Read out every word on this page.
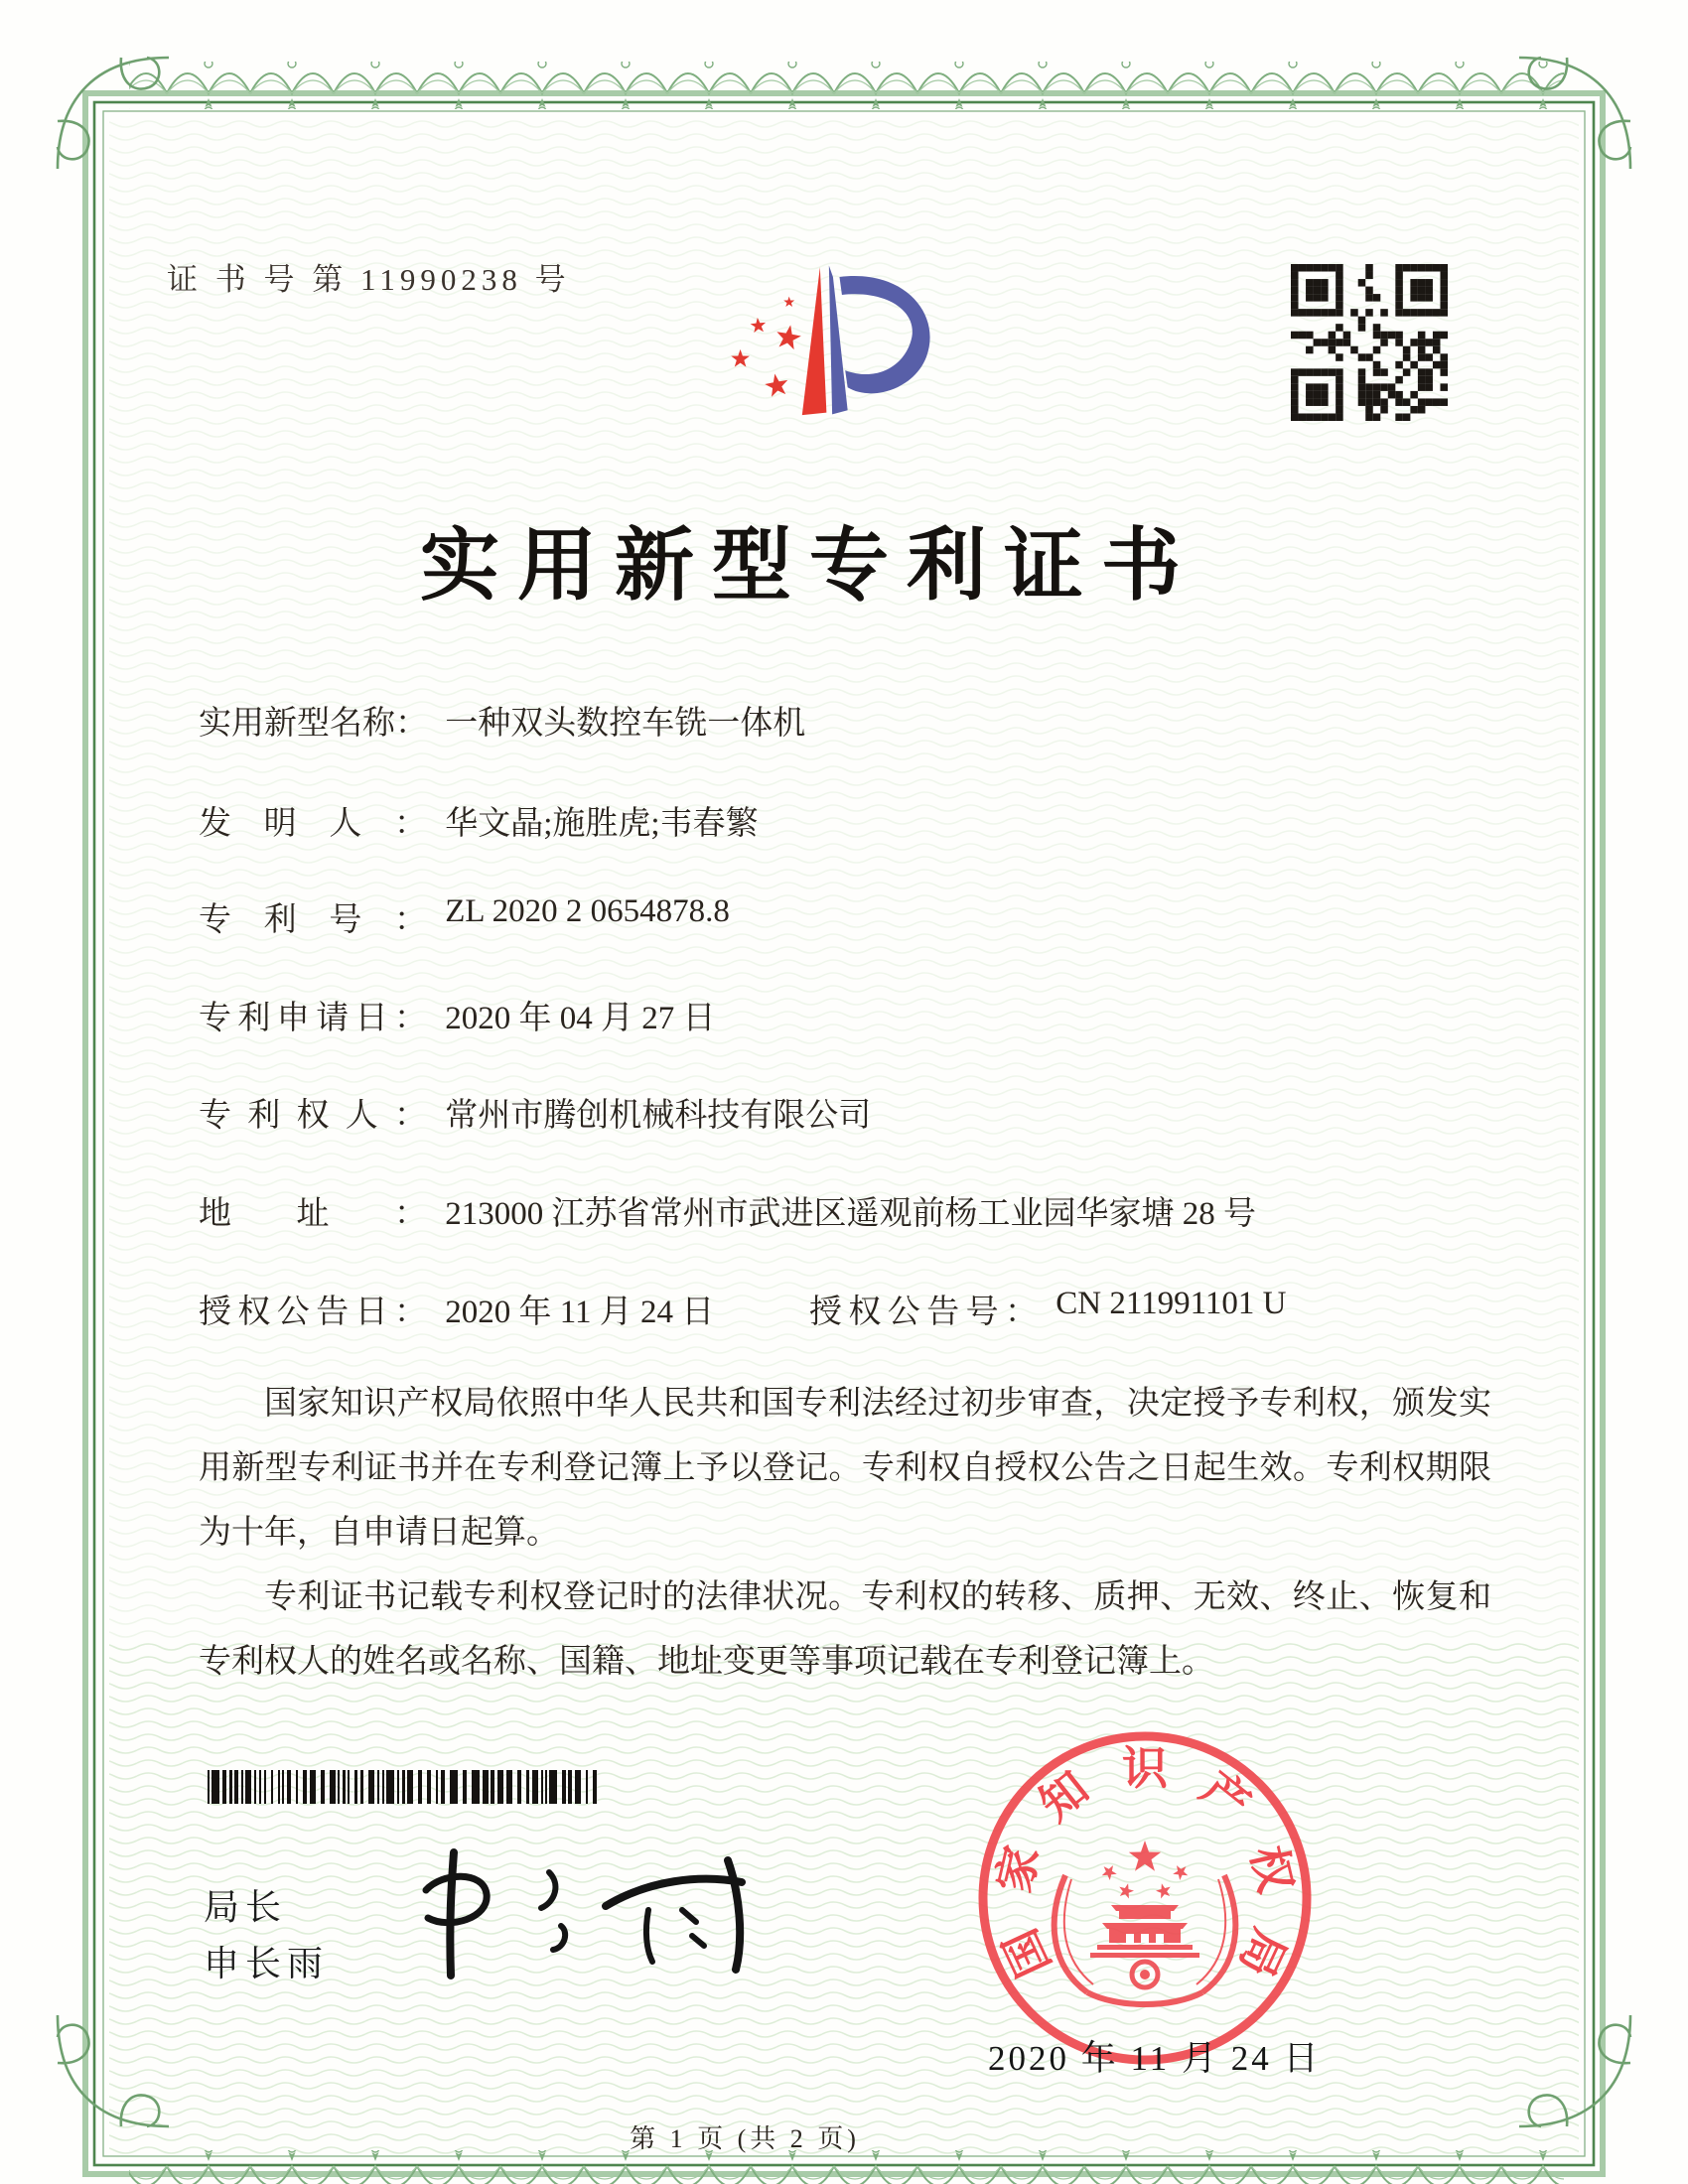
证 书 号 第 11990238 号
实用新型专利证书
实用新型名称： 一种双头数控车铣一体机
发明人： 华文晶;施胜虎;韦春繁
专利号： ZL 2020 2 0654878.8
专利申请日： 2020 年 04 月 27 日
专利权人： 常州市腾创机械科技有限公司
地址： 213000 江苏省常州市武进区遥观前杨工业园华家塘 28 号
授权公告日： 2020 年 11 月 24 日	授权公告号： CN 211991101 U

国家知识产权局依照中华人民共和国专利法经过初步审查，决定授予专利权，颁发实用新型专利证书并在专利登记簿上予以登记。专利权自授权公告之日起生效。专利权期限为十年，自申请日起算。

专利证书记载专利权登记时的法律状况。专利权的转移、质押、无效、终止、恢复和专利权人的姓名或名称、国籍、地址变更等事项记载在专利登记簿上。

局长
申长雨	国
家
知 识 产
权
局
2020 年 11 月 24 日
第 1 页 (共 2 页)
